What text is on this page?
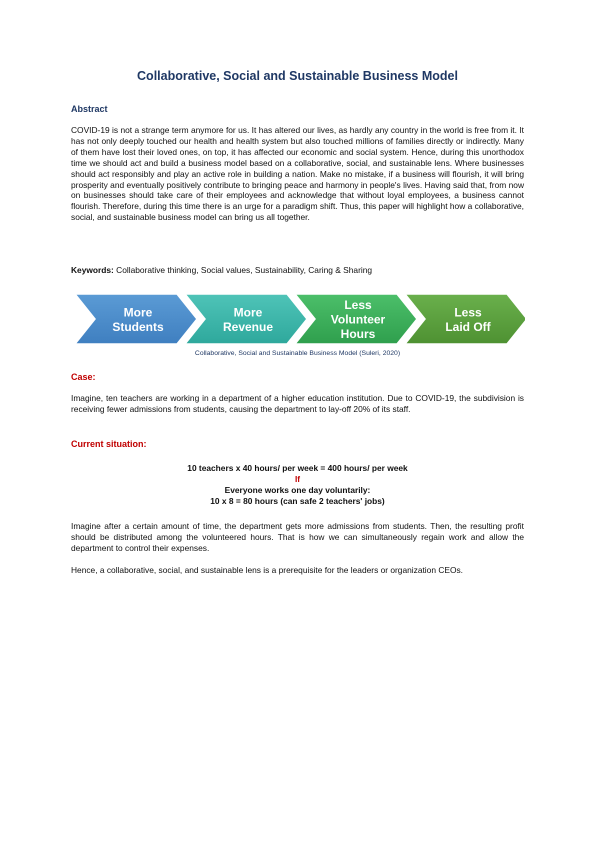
Collaborative, Social and Sustainable Business Model
Abstract
COVID-19 is not a strange term anymore for us. It has altered our lives, as hardly any country in the world is free from it. It has not only deeply touched our health and health system but also touched millions of families directly or indirectly. Many of them have lost their loved ones, on top, it has affected our economic and social system. Hence, during this unorthodox time we should act and build a business model based on a collaborative, social, and sustainable lens. Where businesses should act responsibly and play an active role in building a nation. Make no mistake, if a business will flourish, it will bring prosperity and eventually positively contribute to bringing peace and harmony in people's lives. Having said that, from now on businesses should take care of their employees and acknowledge that without loyal employees, a business cannot flourish. Therefore, during this time there is an urge for a paradigm shift. Thus, this paper will highlight how a collaborative, social, and sustainable business model can bring us all together.
Keywords: Collaborative thinking, Social values, Sustainability, Caring & Sharing
More
Students
More
Revenue
Less
Volunteer
Hours
Less
Laid Off
Collaborative, Social and Sustainable Business Model (Suleri, 2020)
Case:
Imagine, ten teachers are working in a department of a higher education institution. Due to COVID-19, the subdivision is receiving fewer admissions from students, causing the department to lay-off 20% of its staff.
Current situation:
10 teachers x 40 hours/ per week = 400 hours/ per week
If
Everyone works one day voluntarily:
10 x 8 = 80 hours (can safe 2 teachers' jobs)
Imagine after a certain amount of time, the department gets more admissions from students. Then, the resulting profit should be distributed among the volunteered hours. That is how we can simultaneously regain work and allow the department to control their expenses.
Hence, a collaborative, social, and sustainable lens is a prerequisite for the leaders or organization CEOs.
